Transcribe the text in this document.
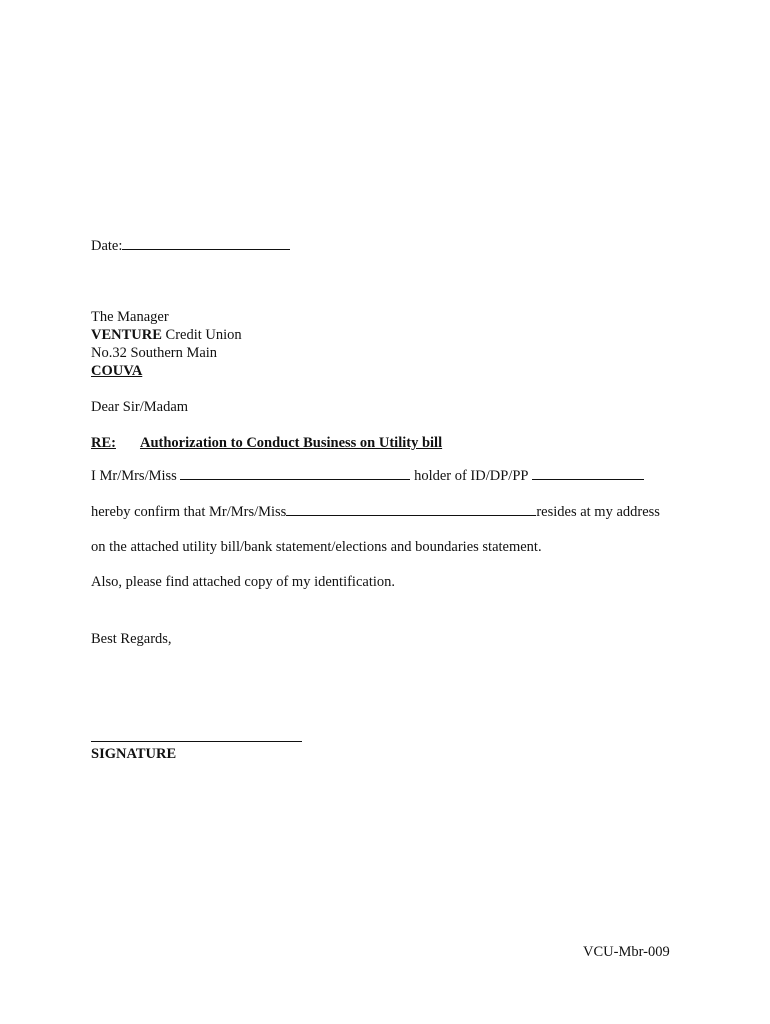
Date:
The Manager
VENTURE Credit Union
No.32 Southern Main
COUVA
Dear Sir/Madam
RE: Authorization to Conduct Business on Utility bill
I Mr/Mrs/Miss	holder of ID/DP/PP
hereby confirm that Mr/Mrs/Miss	resides at my address
on the attached utility bill/bank statement/elections and boundaries statement.
Also, please find attached copy of my identification.
Best Regards,
SIGNATURE
VCU-Mbr-009
